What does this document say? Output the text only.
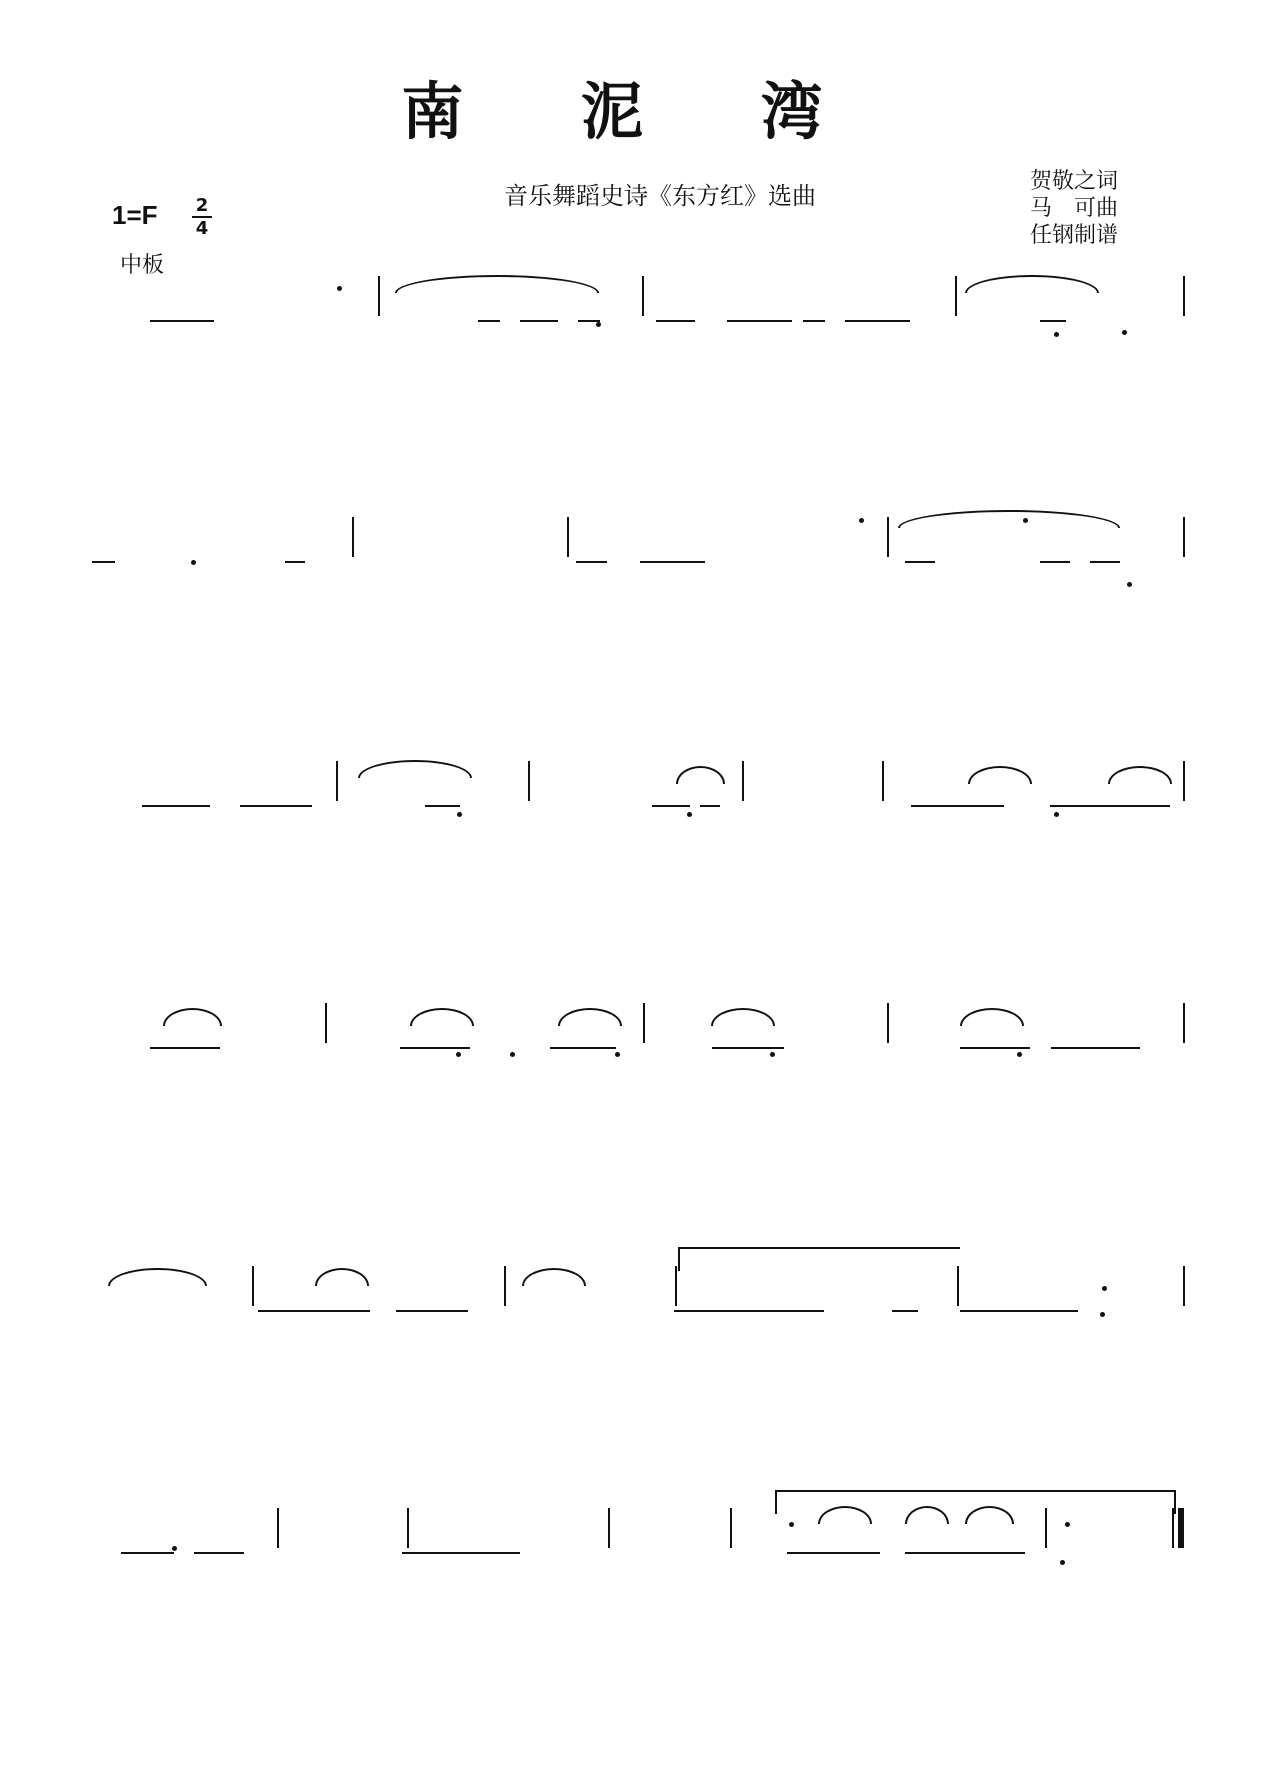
南 泥 湾
音乐舞蹈史诗《东方红》选曲
1=F 2
4
中板
贺敬之词
马　可曲
任钢制谱
